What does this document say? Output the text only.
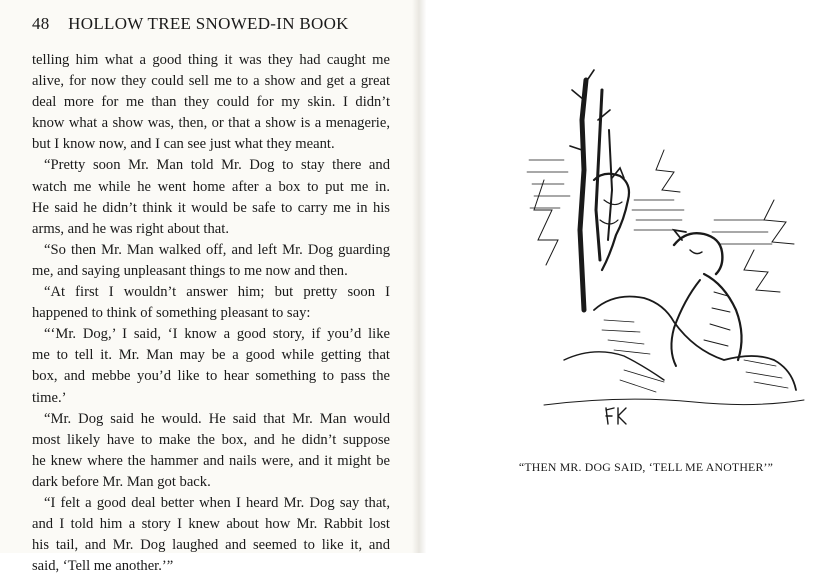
48 HOLLOW TREE SNOWED-IN BOOK
telling him what a good thing it was they had caught me
alive, for now they could sell me to a show and get a great
deal more for me than they could for my skin. I didn’t
know what a show was, then, or that a show is a menagerie,
but I know now, and I can see just what they meant.
“Pretty soon Mr. Man told Mr. Dog to stay there and
watch me while he went home after a box to put me in.
He said he didn’t think it would be safe to carry me in his
arms, and he was right about that.
“So then Mr. Man walked off, and left Mr. Dog guarding
me, and saying unpleasant things to me now and then.
“At first I wouldn’t answer him; but pretty soon I
happened to think of something pleasant to say:
“‘Mr. Dog,’ I said, ‘I know a good story, if you’d like
me to tell it. Mr. Man may be a good while getting that
box, and mebbe you’d like to hear something to pass the
time.’
“Mr. Dog said he would. He said that Mr. Man would
most likely have to make the box, and he didn’t suppose
he knew where the hammer and nails were, and it might be
dark before Mr. Man got back.
“I felt a good deal better when I heard Mr. Dog say that,
and I told him a story I knew about how Mr. Rabbit lost
his tail, and Mr. Dog laughed and seemed to like it, and
said, ‘Tell me another.’”
“THEN MR. DOG SAID, ‘TELL ME ANOTHER’”
